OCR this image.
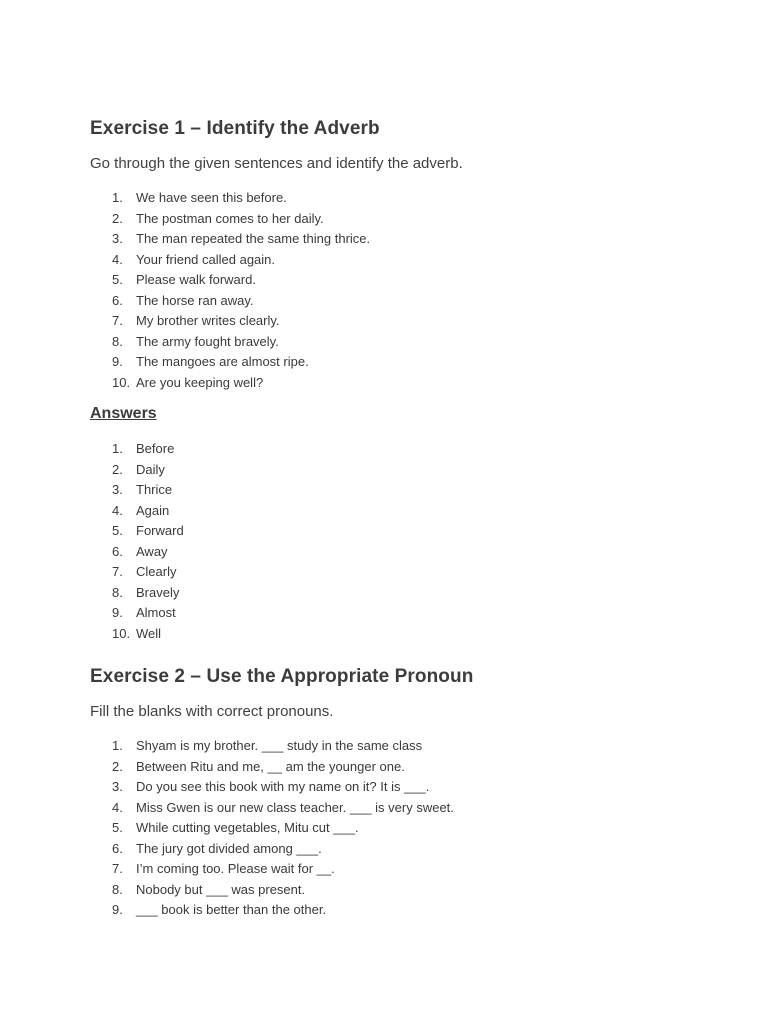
Exercise 1 – Identify the Adverb

Go through the given sentences and identify the adverb.

1.	We have seen this before.
2.	The postman comes to her daily.
3.	The man repeated the same thing thrice.
4.	Your friend called again.
5.	Please walk forward.
6.	The horse ran away.
7.	My brother writes clearly.
8.	The army fought bravely.
9.	The mangoes are almost ripe.
10. Are you keeping well?
Answers
1.	Before
2.	Daily
3.	Thrice
4.	Again
5.	Forward
6.	Away
7.	Clearly
8.	Bravely
9.	Almost
10. Well
Exercise 2 – Use the Appropriate Pronoun

Fill the blanks with correct pronouns.

1.	Shyam is my brother. ___ study in the same class
2.	Between Ritu and me, __ am the younger one.
3.	Do you see this book with my name on it? It is ___.
4.	Miss Gwen is our new class teacher. ___ is very sweet.
5.	While cutting vegetables, Mitu cut ___.
6.	The jury got divided among ___.
7.	I’m coming too. Please wait for __.
8.	Nobody but ___ was present.
9.	___ book is better than the other.
